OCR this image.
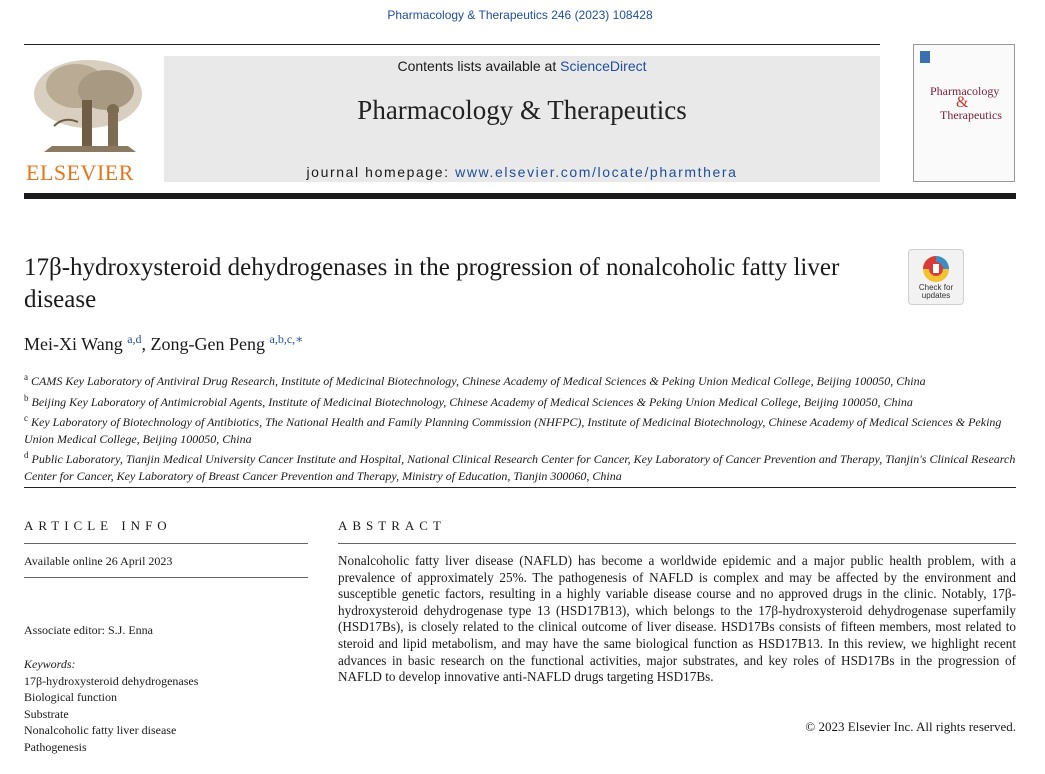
Pharmacology & Therapeutics 246 (2023) 108428
ELSEVIER
Contents lists available at ScienceDirect
Pharmacology & Therapeutics
journal homepage: www.elsevier.com/locate/pharmthera
Pharmacology
&
Therapeutics
17β-hydroxysteroid dehydrogenases in the progression of nonalcoholic fatty liver disease	Check for
updates
Mei-Xi Wang $^{a,d}$, Zong-Gen Peng $^{a,b,c,∗}$

$^a$ CAMS Key Laboratory of Antiviral Drug Research, Institute of Medicinal Biotechnology, Chinese Academy of Medical Sciences & Peking Union Medical College, Beijing 100050, China

$^b$ Beijing Key Laboratory of Antimicrobial Agents, Institute of Medicinal Biotechnology, Chinese Academy of Medical Sciences & Peking Union Medical College, Beijing 100050, China

$^c$ Key Laboratory of Biotechnology of Antibiotics, The National Health and Family Planning Commission (NHFPC), Institute of Medicinal Biotechnology, Chinese Academy of Medical Sciences & Peking Union Medical College, Beijing 100050, China

$^d$ Public Laboratory, Tianjin Medical University Cancer Institute and Hospital, National Clinical Research Center for Cancer, Key Laboratory of Cancer Prevention and Therapy, Tianjin's Clinical Research Center for Cancer, Key Laboratory of Breast Cancer Prevention and Therapy, Ministry of Education, Tianjin 300060, China

ARTICLE INFO
Available online 26 April 2023
Associate editor: S.J. Enna
Keywords:
17β-hydroxysteroid dehydrogenases
Biological function
Substrate
Nonalcoholic fatty liver disease
Pathogenesis
ABSTRACT
Nonalcoholic fatty liver disease (NAFLD) has become a worldwide epidemic and a major public health problem, with a prevalence of approximately 25%. The pathogenesis of NAFLD is complex and may be affected by the environment and susceptible genetic factors, resulting in a highly variable disease course and no approved drugs in the clinic. Notably, 17β-hydroxysteroid dehydrogenase type 13 (HSD17B13), which belongs to the 17β-hydroxysteroid dehydrogenase superfamily (HSD17Bs), is closely related to the clinical outcome of liver disease. HSD17Bs consists of fifteen members, most related to steroid and lipid metabolism, and may have the same biological function as HSD17B13. In this review, we highlight recent advances in basic research on the functional activities, major substrates, and key roles of HSD17Bs in the progression of NAFLD to develop innovative anti-NAFLD drugs targeting HSD17Bs.
© 2023 Elsevier Inc. All rights reserved.
